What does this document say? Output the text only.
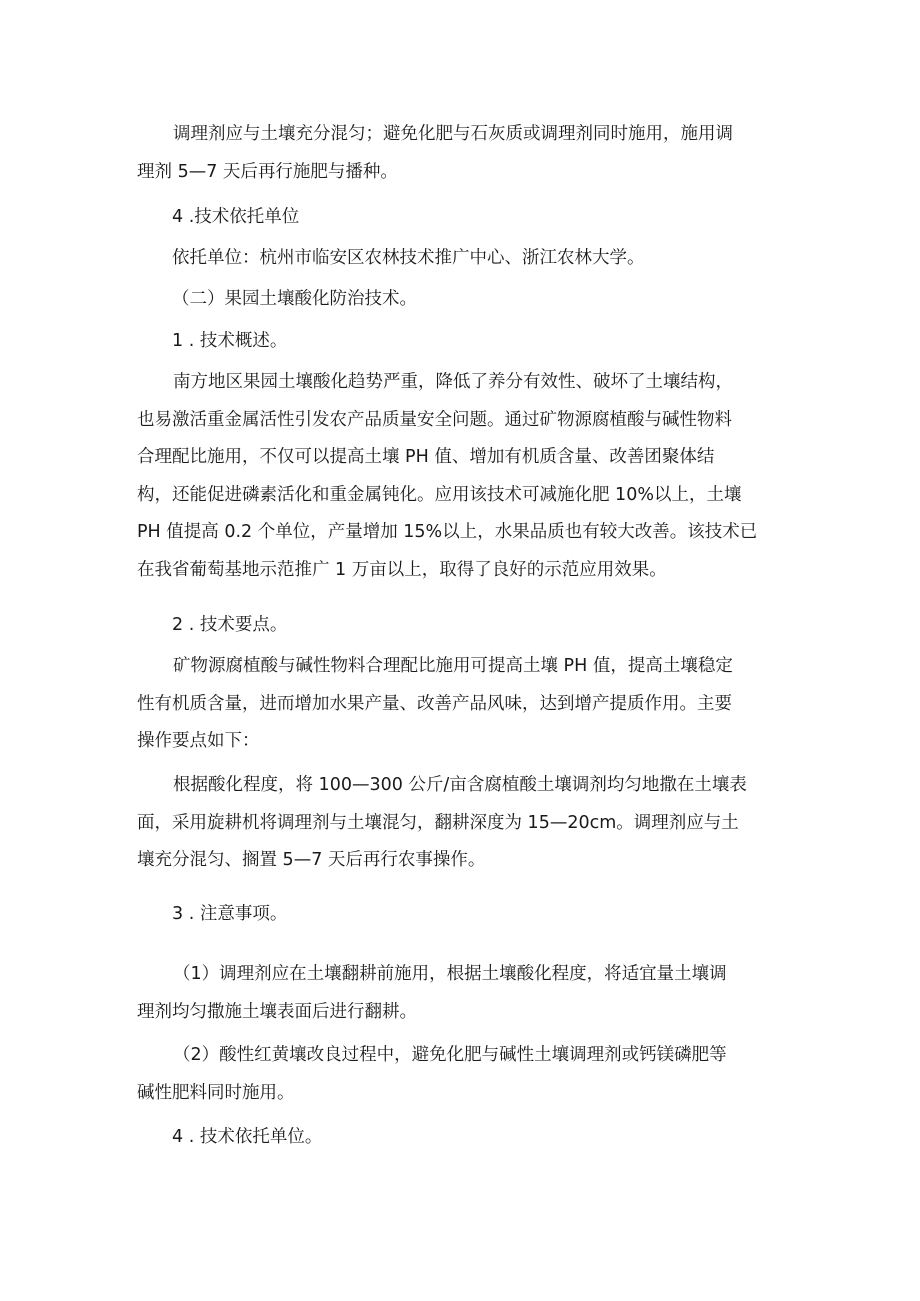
调理剂应与土壤充分混匀；避免化肥与石灰质或调理剂同时施用，施用调
理剂 5—7 天后再行施肥与播种。

4 .技术依托单位

依托单位：杭州市临安区农林技术推广中心、浙江农林大学。

（二）果园土壤酸化防治技术。

1 . 技术概述。

南方地区果园土壤酸化趋势严重，降低了养分有效性、破坏了土壤结构，
也易激活重金属活性引发农产品质量安全问题。通过矿物源腐植酸与碱性物料
合理配比施用，不仅可以提高土壤 PH 值、增加有机质含量、改善团聚体结
构，还能促进磷素活化和重金属钝化。应用该技术可减施化肥 10%以上，土壤
PH 值提高 0.2 个单位，产量增加 15%以上，水果品质也有较大改善。该技术已
在我省葡萄基地示范推广 1 万亩以上，取得了良好的示范应用效果。

2 . 技术要点。

矿物源腐植酸与碱性物料合理配比施用可提高土壤 PH 值，提高土壤稳定
性有机质含量，进而增加水果产量、改善产品风味，达到增产提质作用。主要
操作要点如下：

根据酸化程度，将 100—300 公斤/亩含腐植酸土壤调剂均匀地撒在土壤表
面，采用旋耕机将调理剂与土壤混匀，翻耕深度为 15—20cm。调理剂应与土
壤充分混匀、搁置 5—7 天后再行农事操作。

3 . 注意事项。

（1）调理剂应在土壤翻耕前施用，根据土壤酸化程度，将适宜量土壤调
理剂均匀撒施土壤表面后进行翻耕。

（2）酸性红黄壤改良过程中，避免化肥与碱性土壤调理剂或钙镁磷肥等
碱性肥料同时施用。

4 . 技术依托单位。
